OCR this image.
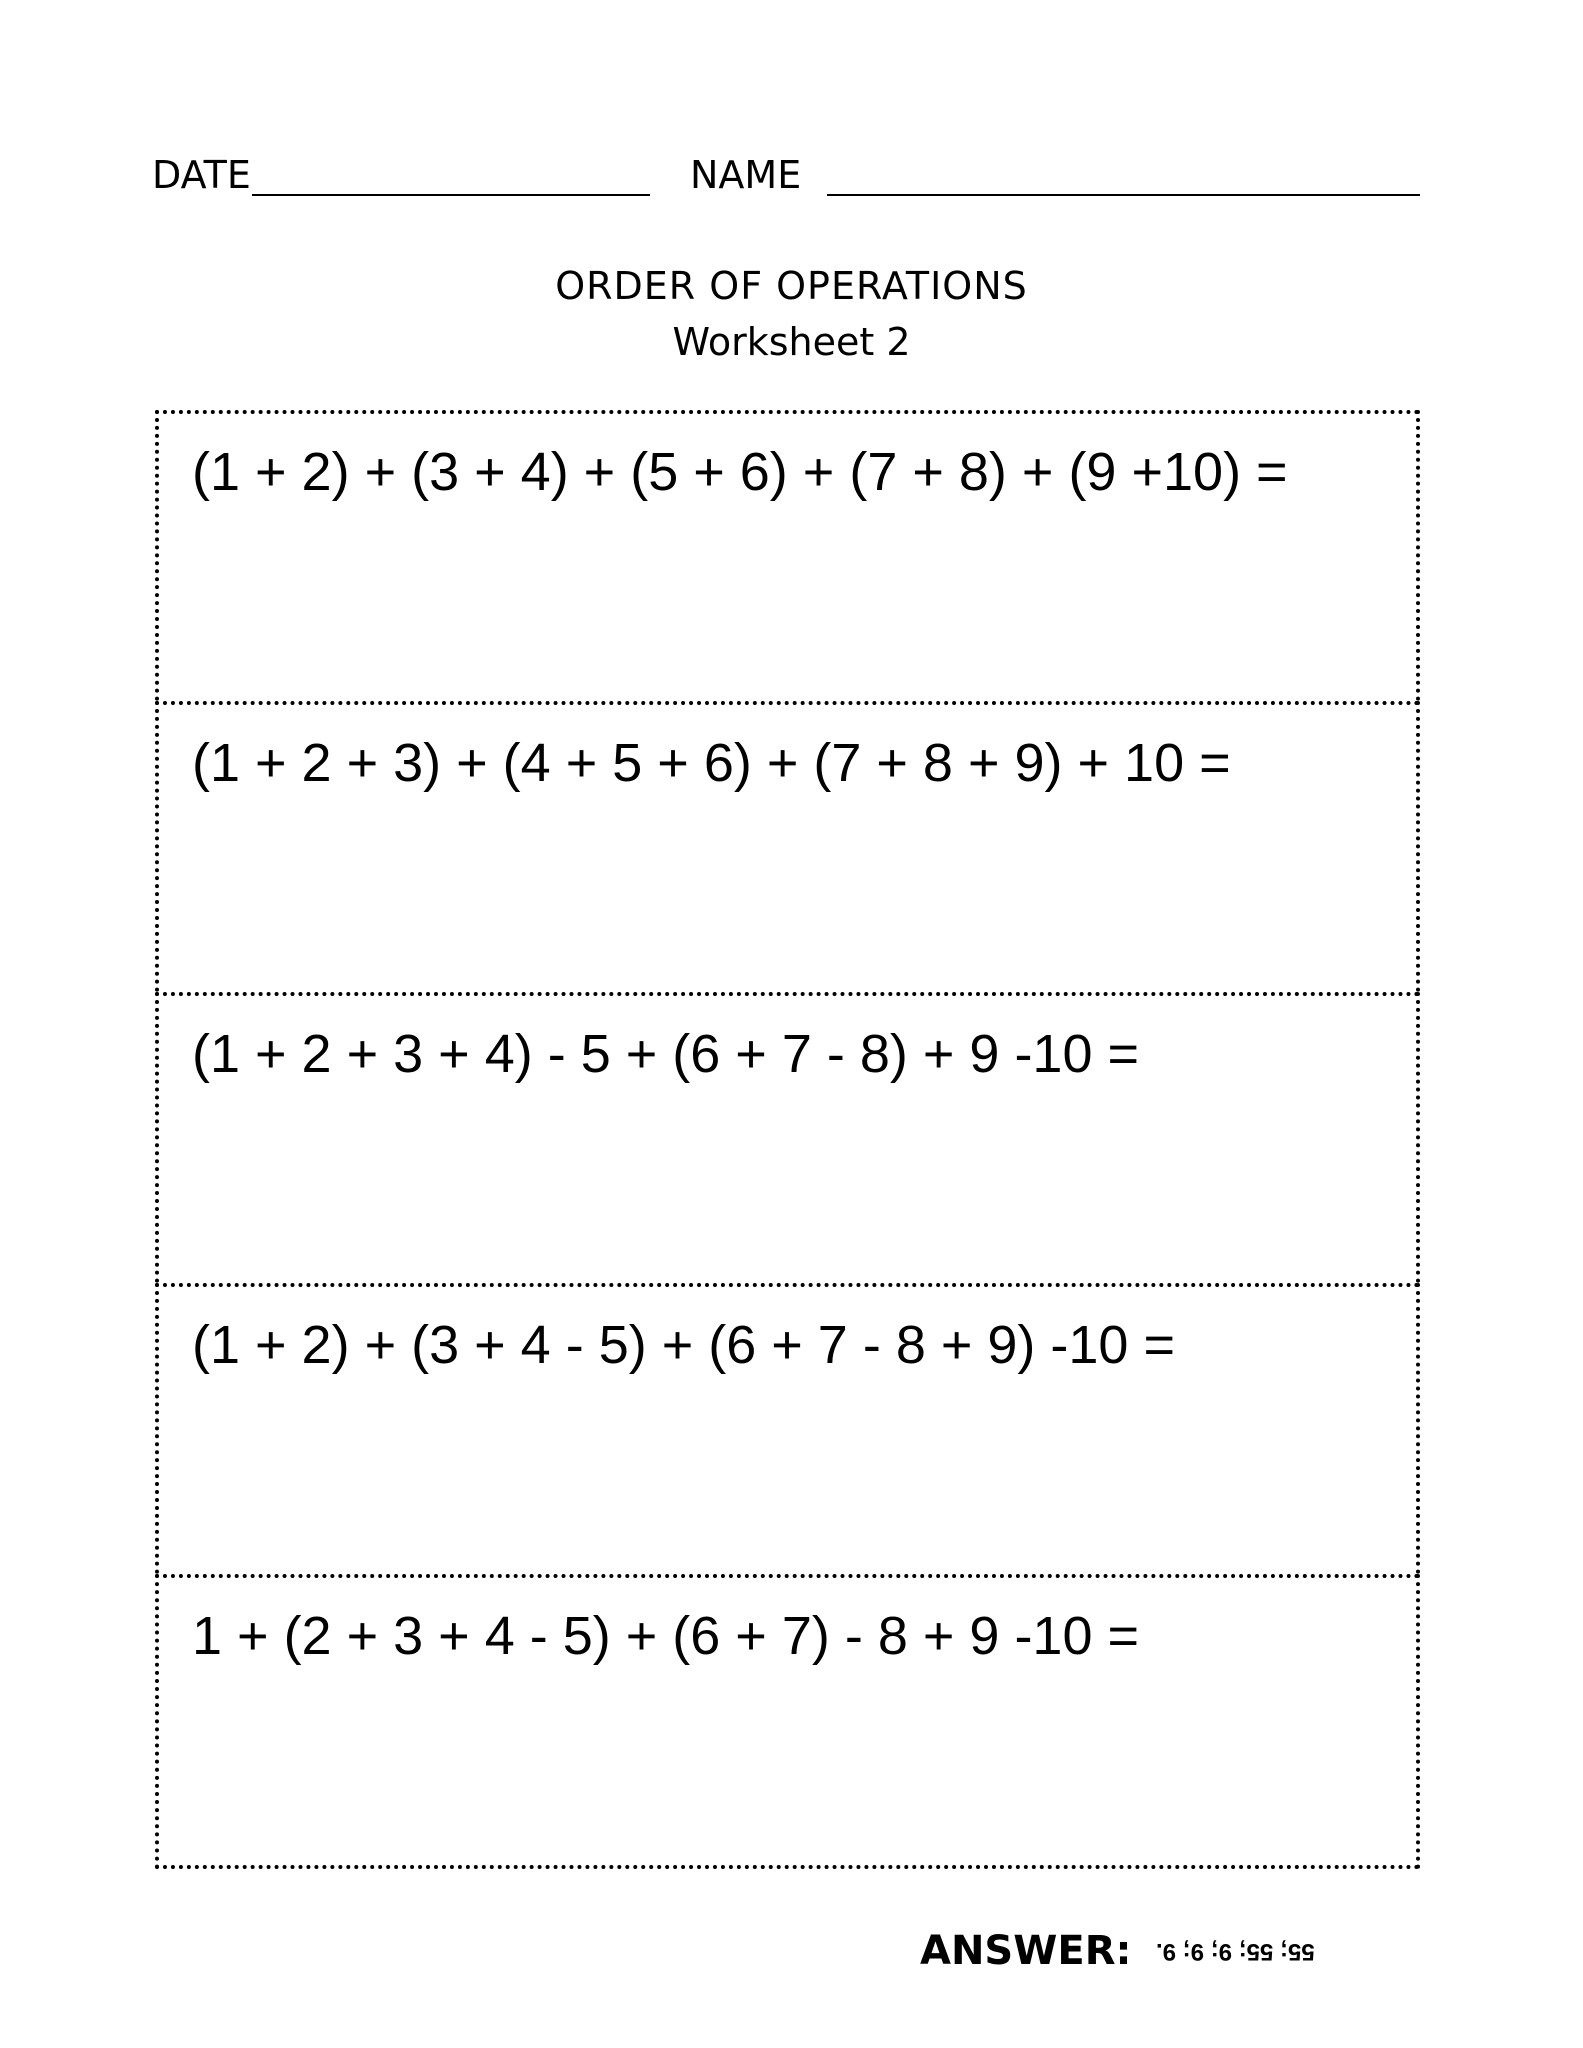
DATE	NAME
ORDER OF OPERATIONS
Worksheet 2
(1 + 2) + (3 + 4) + (5 + 6) + (7 + 8) + (9 +10) =
(1 + 2 + 3) + (4 + 5 + 6) + (7 + 8 + 9) + 10 =
(1 + 2 + 3 + 4) - 5 + (6 + 7 - 8) + 9 -10 =
(1 + 2) + (3 + 4 - 5) + (6 + 7 - 8 + 9) -10 =
1 + (2 + 3 + 4 - 5) + (6 + 7) - 8 + 9 -10 =
ANSWER: 55; 55; 9; 9; 9.
